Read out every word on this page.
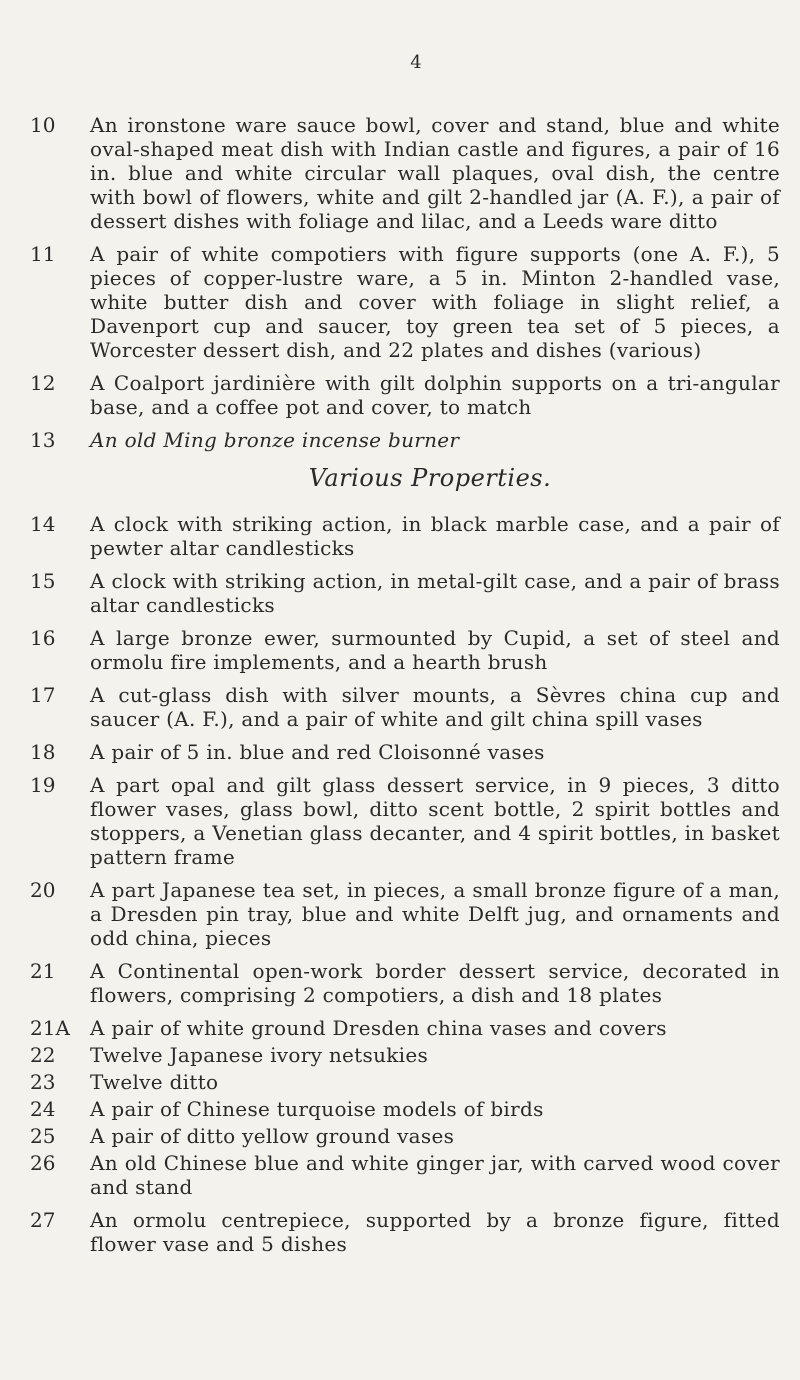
4
10	An ironstone ware sauce bowl, cover and stand, blue and white oval-shaped meat dish with Indian castle and figures, a pair of 16 in. blue and white circular wall plaques, oval dish, the centre with bowl of flowers, white and gilt 2-handled jar (A. F.), a pair of dessert dishes with foliage and lilac, and a Leeds ware ditto
11	A pair of white compotiers with figure supports (one A. F.), 5 pieces of copper-lustre ware, a 5 in. Minton 2-handled vase, white butter dish and cover with foliage in slight relief, a Davenport cup and saucer, toy green tea set of 5 pieces, a Worcester dessert dish, and 22 plates and dishes (various)
12	A Coalport jardinière with gilt dolphin supports on a tri-angular base, and a coffee pot and cover, to match
13	An old Ming bronze incense burner
Various Properties.
14	A clock with striking action, in black marble case, and a pair of pewter altar candlesticks
15	A clock with striking action, in metal-gilt case, and a pair of brass altar candlesticks
16	A large bronze ewer, surmounted by Cupid, a set of steel and ormolu fire implements, and a hearth brush
17	A cut-glass dish with silver mounts, a Sèvres china cup and saucer (A. F.), and a pair of white and gilt china spill vases
18	A pair of 5 in. blue and red Cloisonné vases
19	A part opal and gilt glass dessert service, in 9 pieces, 3 ditto flower vases, glass bowl, ditto scent bottle, 2 spirit bottles and stoppers, a Venetian glass decanter, and 4 spirit bottles, in basket pattern frame
20	A part Japanese tea set, in pieces, a small bronze figure of a man, a Dresden pin tray, blue and white Delft jug, and ornaments and odd china, pieces
21	A Continental open-work border dessert service, decorated in flowers, comprising 2 compotiers, a dish and 18 plates
21A	A pair of white ground Dresden china vases and covers
22	Twelve Japanese ivory netsukies
23	Twelve ditto
24	A pair of Chinese turquoise models of birds
25	A pair of ditto yellow ground vases
26	An old Chinese blue and white ginger jar, with carved wood cover and stand
27	An ormolu centrepiece, supported by a bronze figure, fitted flower vase and 5 dishes
